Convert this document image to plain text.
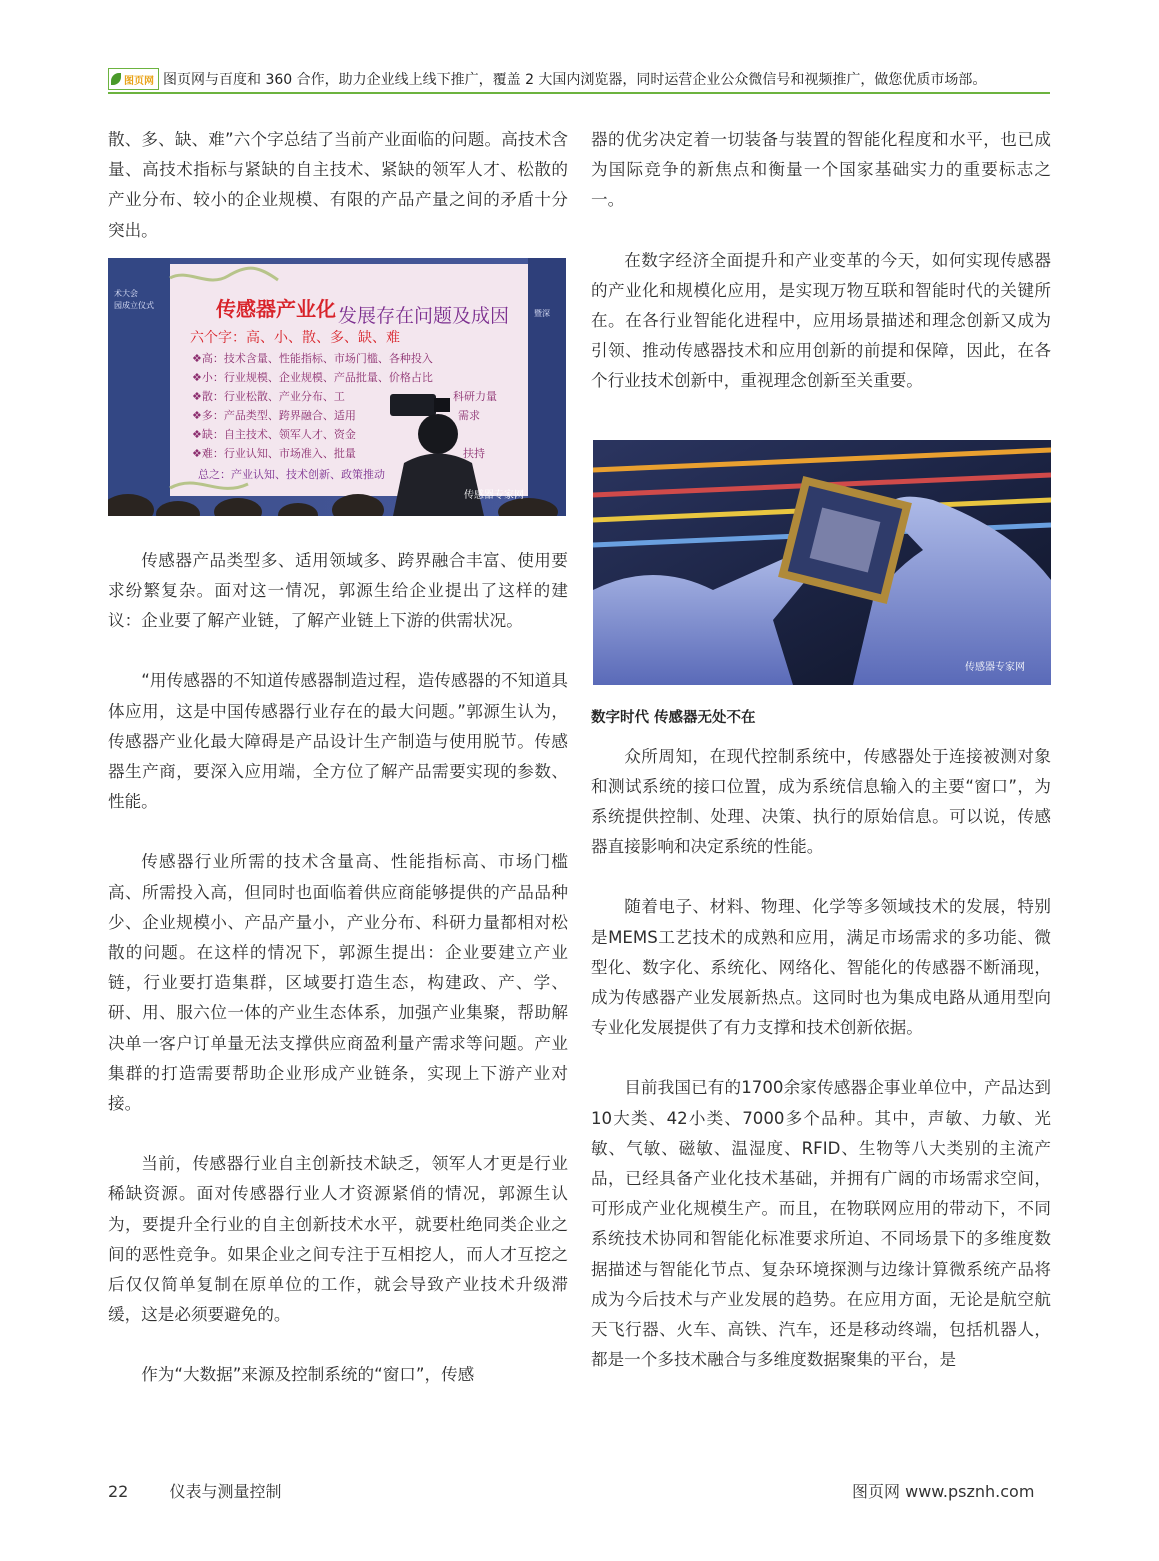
图页网 图页网与百度和 360 合作，助力企业线上线下推广，覆盖 2 大国内浏览器，同时运营企业公众微信号和视频推广，做您优质市场部。

散、多、缺、难”六个字总结了当前产业面临的问题。高技术含量、高技术指标与紧缺的自主技术、紧缺的领军人才、松散的产业分布、较小的企业规模、有限的产品产量之间的矛盾十分突出。

传感器产品类型多、适用领域多、跨界融合丰富、使用要求纷繁复杂。面对这一情况，郭源生给企业提出了这样的建议：企业要了解产业链，了解产业链上下游的供需状况。

“用传感器的不知道传感器制造过程，造传感器的不知道具体应用，这是中国传感器行业存在的最大问题。”郭源生认为，传感器产业化最大障碍是产品设计生产制造与使用脱节。传感器生产商，要深入应用端，全方位了解产品需要实现的参数、性能。

传感器行业所需的技术含量高、性能指标高、市场门槛高、所需投入高，但同时也面临着供应商能够提供的产品品种少、企业规模小、产品产量小，产业分布、科研力量都相对松散的问题。在这样的情况下，郭源生提出：企业要建立产业链，行业要打造集群，区域要打造生态，构建政、产、学、研、用、服六位一体的产业生态体系，加强产业集聚，帮助解决单一客户订单量无法支撑供应商盈利量产需求等问题。产业集群的打造需要帮助企业形成产业链条，实现上下游产业对接。

当前，传感器行业自主创新技术缺乏，领军人才更是行业稀缺资源。面对传感器行业人才资源紧俏的情况，郭源生认为，要提升全行业的自主创新技术水平，就要杜绝同类企业之间的恶性竞争。如果企业之间专注于互相挖人，而人才互挖之后仅仅简单复制在原单位的工作，就会导致产业技术升级滞缓，这是必须要避免的。

作为“大数据”来源及控制系统的“窗口”，传感

器的优劣决定着一切装备与装置的智能化程度和水平，也已成为国际竞争的新焦点和衡量一个国家基础实力的重要标志之一。

在数字经济全面提升和产业变革的今天，如何实现传感器的产业化和规模化应用，是实现万物互联和智能时代的关键所在。在各行业智能化进程中，应用场景描述和理念创新又成为引领、推动传感器技术和应用创新的前提和保障，因此，在各个行业技术创新中，重视理念创新至关重要。

众所周知，在现代控制系统中，传感器处于连接被测对象和测试系统的接口位置，成为系统信息输入的主要“窗口”，为系统提供控制、处理、决策、执行的原始信息。可以说，传感器直接影响和决定系统的性能。

随着电子、材料、物理、化学等多领域技术的发展，特别是MEMS工艺技术的成熟和应用，满足市场需求的多功能、微型化、数字化、系统化、网络化、智能化的传感器不断涌现，成为传感器产业发展新热点。这同时也为集成电路从通用型向专业化发展提供了有力支撑和技术创新依据。

目前我国已有的1700余家传感器企事业单位中，产品达到10大类、42小类、7000多个品种。其中，声敏、力敏、光敏、气敏、磁敏、温湿度、RFID、生物等八大类别的主流产品，已经具备产业化技术基础，并拥有广阔的市场需求空间，可形成产业化规模生产。而且，在物联网应用的带动下，不同系统技术协同和智能化标准要求所迫、不同场景下的多维度数据描述与智能化节点、复杂环境探测与边缘计算微系统产品将成为今后技术与产业发展的趋势。在应用方面，无论是航空航天飞行器、火车、高铁、汽车，还是移动终端，包括机器人，都是一个多技术融合与多维度数据聚集的平台，是

术大会
园成立仪式
暨深
传感器产业化 发展存在问题及成因
六个字：高、小、散、多、缺、难
❖高：技术含量、性能指标、市场门槛、各种投入
❖小：行业规模、企业规模、产品批量、价格占比
❖散：行业松散、产业分布、工
❖多：产品类型、跨界融合、适用
❖缺：自主技术、领军人才、资金
❖难：行业认知、市场准入、批量
科研力量
需求
扶持
总之：产业认知、技术创新、政策推动
传感器专家网
传感器专家网
数字时代 传感器无处不在
22	仪表与测量控制	图页网 www.psznh.com
